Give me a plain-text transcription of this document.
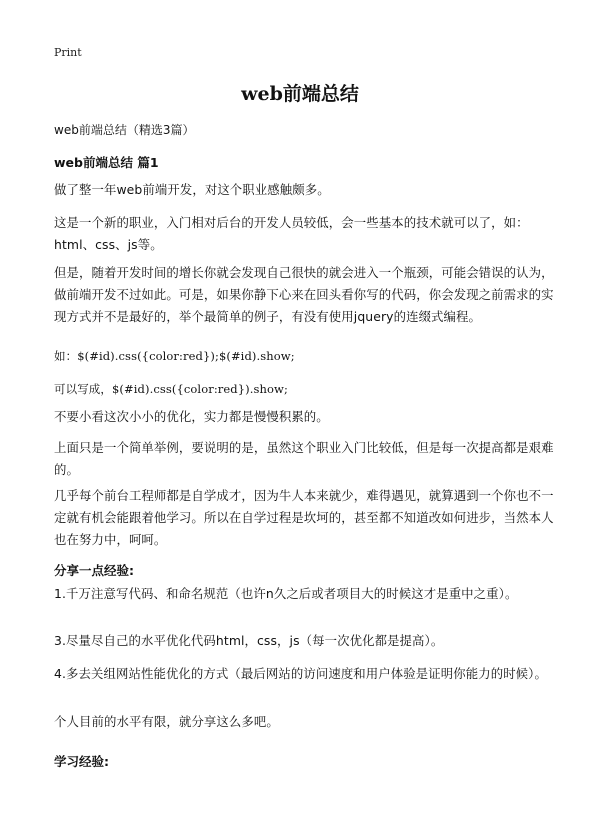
Print
web前端总结
web前端总结（精选3篇）
web前端总结 篇1

做了整一年web前端开发，对这个职业感触颇多。

这是一个新的职业，入门相对后台的开发人员较低，会一些基本的技术就可以了，如：html、css、js等。

但是，随着开发时间的增长你就会发现自己很快的就会进入一个瓶颈，可能会错误的认为，做前端开发不过如此。可是，如果你静下心来在回头看你写的代码，你会发现之前需求的实现方式并不是最好的，举个最简单的例子，有没有使用jquery的连缀式编程。

如：$(#id).css({color:red});$(#id).show;

可以写成，$(#id).css({color:red}).show;

不要小看这次小小的优化，实力都是慢慢积累的。

上面只是一个简单举例，要说明的是，虽然这个职业入门比较低，但是每一次提高都是艰难的。

几乎每个前台工程师都是自学成才，因为牛人本来就少，难得遇见，就算遇到一个你也不一定就有机会能跟着他学习。所以在自学过程是坎坷的，甚至都不知道改如何进步，当然本人也在努力中，呵呵。

分享一点经验:

1.千万注意写代码、和命名规范（也许n久之后或者项目大的时候这才是重中之重）。

3.尽量尽自己的水平优化代码html，css，js（每一次优化都是提高）。

4.多去关组网站性能优化的方式（最后网站的访问速度和用户体验是证明你能力的时候）。

个人目前的水平有限，就分享这么多吧。

学习经验:
